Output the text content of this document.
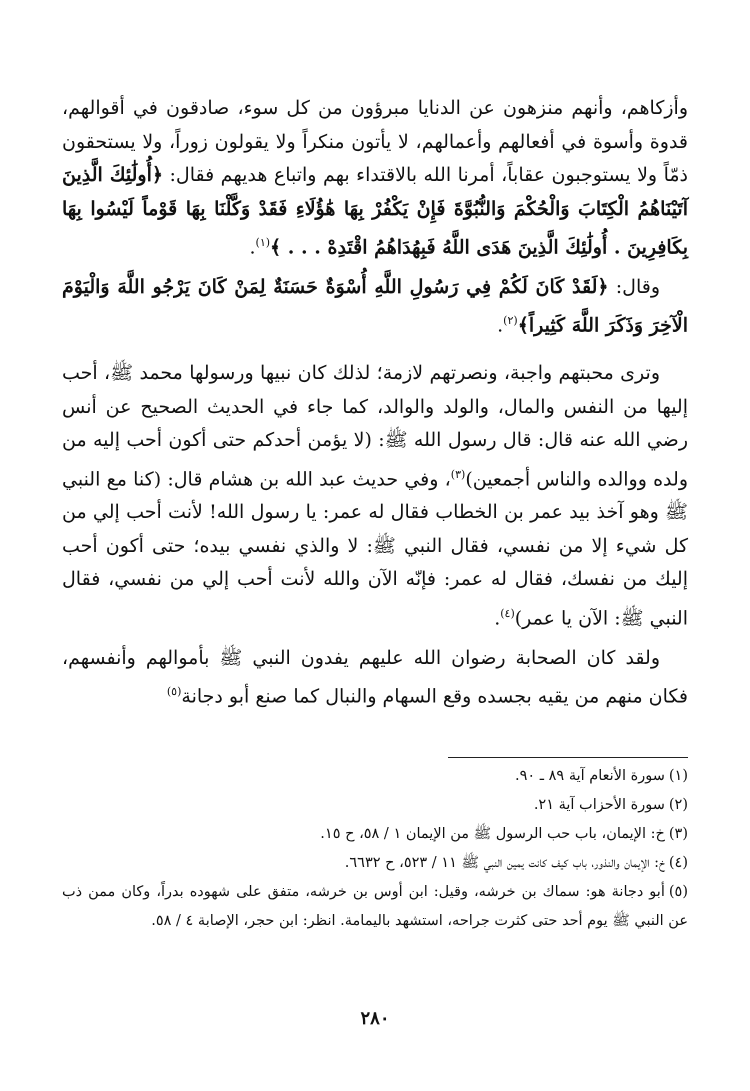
وأزكاهم، وأنهم منزهون عن الدنايا مبرؤون من كل سوء، صادقون في أقوالهم، قدوة وأسوة في أفعالهم وأعمالهم، لا يأتون منكراً ولا يقولون زوراً، ولا يستحقون ذمّاً ولا يستوجبون عقاباً، أمرنا الله بالاقتداء بهم واتباع هديهم فقال: ﴿أُولَٰئِكَ الَّذِينَ آتَيْنَاهُمُ الْكِتَابَ وَالْحُكْمَ وَالنُّبُوَّةَ فَإِنْ يَكْفُرْ بِهَا هَٰؤُلَاءِ فَقَدْ وَكَّلْنَا بِهَا قَوْماً لَيْسُوا بِهَا بِكَافِرِينَ . أُولَٰئِكَ الَّذِينَ هَدَى اللَّهُ فَبِهُدَاهُمُ اقْتَدِهْ . . . ﴾$^{(١)}$.

وقال: ﴿لَقَدْ كَانَ لَكُمْ فِي رَسُولِ اللَّهِ أُسْوَةٌ حَسَنَةٌ لِمَنْ كَانَ يَرْجُو اللَّهَ وَالْيَوْمَ الْآخِرَ وَذَكَرَ اللَّهَ كَثِيراً﴾$^{(٢)}$.

وترى محبتهم واجبة، ونصرتهم لازمة؛ لذلك كان نبيها ورسولها محمد ﷺ، أحب إليها من النفس والمال، والولد والوالد، كما جاء في الحديث الصحيح عن أنس رضي الله عنه قال: قال رسول الله ﷺ: (لا يؤمن أحدكم حتى أكون أحب إليه من ولده ووالده والناس أجمعين)$^{(٣)}$، وفي حديث عبد الله بن هشام قال: (كنا مع النبي ﷺ وهو آخذ بيد عمر بن الخطاب فقال له عمر: يا رسول الله! لأنت أحب إلي من كل شيء إلا من نفسي، فقال النبي ﷺ: لا والذي نفسي بيده؛ حتى أكون أحب إليك من نفسك، فقال له عمر: فإنّه الآن والله لأنت أحب إلي من نفسي، فقال النبي ﷺ: الآن يا عمر)$^{(٤)}$.

ولقد كان الصحابة رضوان الله عليهم يفدون النبي ﷺ بأموالهم وأنفسهم، فكان منهم من يقيه بجسده وقع السهام والنبال كما صنع أبو دجانة$^{(٥)}$

(١)سورة الأنعام آية ٨٩ ـ ٩٠.

(٢)سورة الأحزاب آية ٢١.

(٣)خ: الإيمان، باب حب الرسول ﷺ من الإيمان ١ / ٥٨، ح ١٥.

(٤)خ: الإيمان والنذور، باب كيف كانت يمين النبي ﷺ ١١ / ٥٢٣، ح ٦٦٣٢.

(٥)أبو دجانة هو: سماك بن خرشه، وقيل: ابن أوس بن خرشه، متفق على شهوده بدراً، وكان ممن ذب عن النبي ﷺ يوم أحد حتى كثرت جراحه، استشهد باليمامة. انظر: ابن حجر، الإصابة ٤ / ٥٨.

٢٨٠
